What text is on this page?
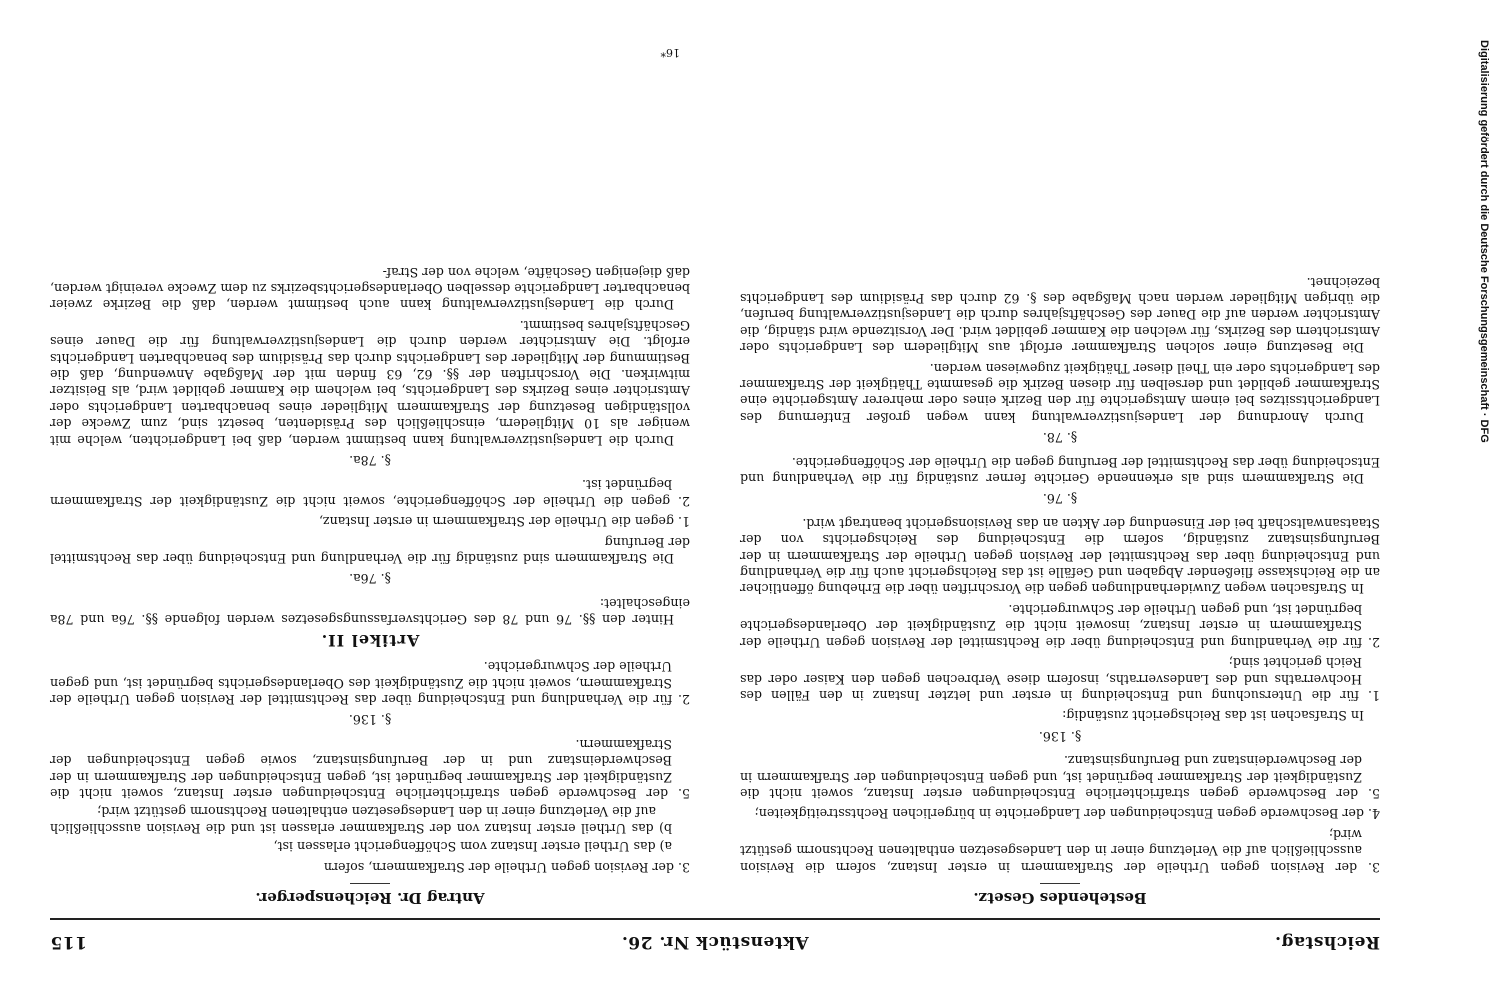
Digitalisierung gefördert durch die Deutsche Forschungsgemeinschaft · DFG
Reichstag.
Aktenstück Nr. 26.
115
Bestehendes Gesetz.
3. der Revision gegen Urtheile der Strafkammern in erster Instanz, sofern die Revision ausschließlich auf die Verletzung einer in den Landesgesetzen enthaltenen Rechtsnorm gestützt wird;
4. der Beschwerde gegen Entscheidungen der Landgerichte in bürgerlichen Rechtsstreitigkeiten;
5. der Beschwerde gegen strafrichterliche Entscheidungen erster Instanz, soweit nicht die Zuständigkeit der Strafkammer begründet ist, und gegen Entscheidungen der Strafkammern in der Beschwerdeinstanz und Berufungsinstanz.
§. 136.

In Strafsachen ist das Reichsgericht zuständig:

1. für die Untersuchung und Entscheidung in erster und letzter Instanz in den Fällen des Hochverraths und des Landesverraths, insofern diese Verbrechen gegen den Kaiser oder das Reich gerichtet sind;
2. für die Verhandlung und Entscheidung über die Rechtsmittel der Revision gegen Urtheile der Strafkammern in erster Instanz, insoweit nicht die Zuständigkeit der Oberlandesgerichte begründet ist, und gegen Urtheile der Schwurgerichte.

In Strafsachen wegen Zuwiderhandlungen gegen die Vorschriften über die Erhebung öffentlicher an die Reichskasse fließender Abgaben und Gefälle ist das Reichsgericht auch für die Verhandlung und Entscheidung über das Rechtsmittel der Revision gegen Urtheile der Strafkammern in der Berufungsinstanz zuständig, sofern die Entscheidung des Reichsgerichts von der Staatsanwaltschaft bei der Einsendung der Akten an das Revisionsgericht beantragt wird.

§. 76.

Die Strafkammern sind als erkennende Gerichte ferner zuständig für die Verhandlung und Entscheidung über das Rechtsmittel der Berufung gegen die Urtheile der Schöffengerichte.

§. 78.

Durch Anordnung der Landesjustizverwaltung kann wegen großer Entfernung des Landgerichtssitzes bei einem Amtsgerichte für den Bezirk eines oder mehrerer Amtsgerichte eine Strafkammer gebildet und derselben für diesen Bezirk die gesammte Thätigkeit der Strafkammer des Landgerichts oder ein Theil dieser Thätigkeit zugewiesen werden.

Die Besetzung einer solchen Strafkammer erfolgt aus Mitgliedern des Landgerichts oder Amtsrichtern des Bezirks, für welchen die Kammer gebildet wird. Der Vorsitzende wird ständig, die Amtsrichter werden auf die Dauer des Geschäftsjahres durch die Landesjustizverwaltung berufen, die übrigen Mitglieder werden nach Maßgabe des §. 62 durch das Präsidium des Landgerichts bezeichnet.

Antrag Dr. Reichensperger.
3. der Revision gegen Urtheile der Strafkammern, sofern
a) das Urtheil erster Instanz vom Schöffengericht erlassen ist,
b) das Urtheil erster Instanz von der Strafkammer erlassen ist und die Revision ausschließlich auf die Verletzung einer in den Landesgesetzen enthaltenen Rechtsnorm gestützt wird;
5. der Beschwerde gegen strafrichterliche Entscheidungen erster Instanz, soweit nicht die Zuständigkeit der Strafkammer begründet ist, gegen Entscheidungen der Strafkammern in der Beschwerdeinstanz und in der Berufungsinstanz, sowie gegen Entscheidungen der Strafkammern.
§. 136.
2. für die Verhandlung und Entscheidung über das Rechtsmittel der Revision gegen Urtheile der Strafkammern, soweit nicht die Zuständigkeit des Oberlandesgerichts begründet ist, und gegen Urtheile der Schwurgerichte.
Artikel II.

Hinter den §§. 76 und 78 des Gerichtsverfassungsgesetzes werden folgende §§. 76a und 78a eingeschaltet:

§. 76a.

Die Strafkammern sind zuständig für die Verhandlung und Entscheidung über das Rechtsmittel der Berufung

1. gegen die Urtheile der Strafkammern in erster Instanz,
2. gegen die Urtheile der Schöffengerichte, soweit nicht die Zuständigkeit der Strafkammern begründet ist.
§. 78a.

Durch die Landesjustizverwaltung kann bestimmt werden, daß bei Landgerichten, welche mit weniger als 10 Mitgliedern, einschließlich des Präsidenten, besetzt sind, zum Zwecke der vollständigen Besetzung der Strafkammern Mitglieder eines benachbarten Landgerichts oder Amtsrichter eines Bezirks des Landgerichts, bei welchem die Kammer gebildet wird, als Beisitzer mitwirken. Die Vorschriften der §§. 62, 63 finden mit der Maßgabe Anwendung, daß die Bestimmung der Mitglieder des Landgerichts durch das Präsidium des benachbarten Landgerichts erfolgt. Die Amtsrichter werden durch die Landesjustizverwaltung für die Dauer eines Geschäftsjahres bestimmt.

Durch die Landesjustizverwaltung kann auch bestimmt werden, daß die Bezirke zweier benachbarter Landgerichte desselben Oberlandesgerichtsbezirks zu dem Zwecke vereinigt werden, daß diejenigen Geschäfte, welche von der Straf-

16*
